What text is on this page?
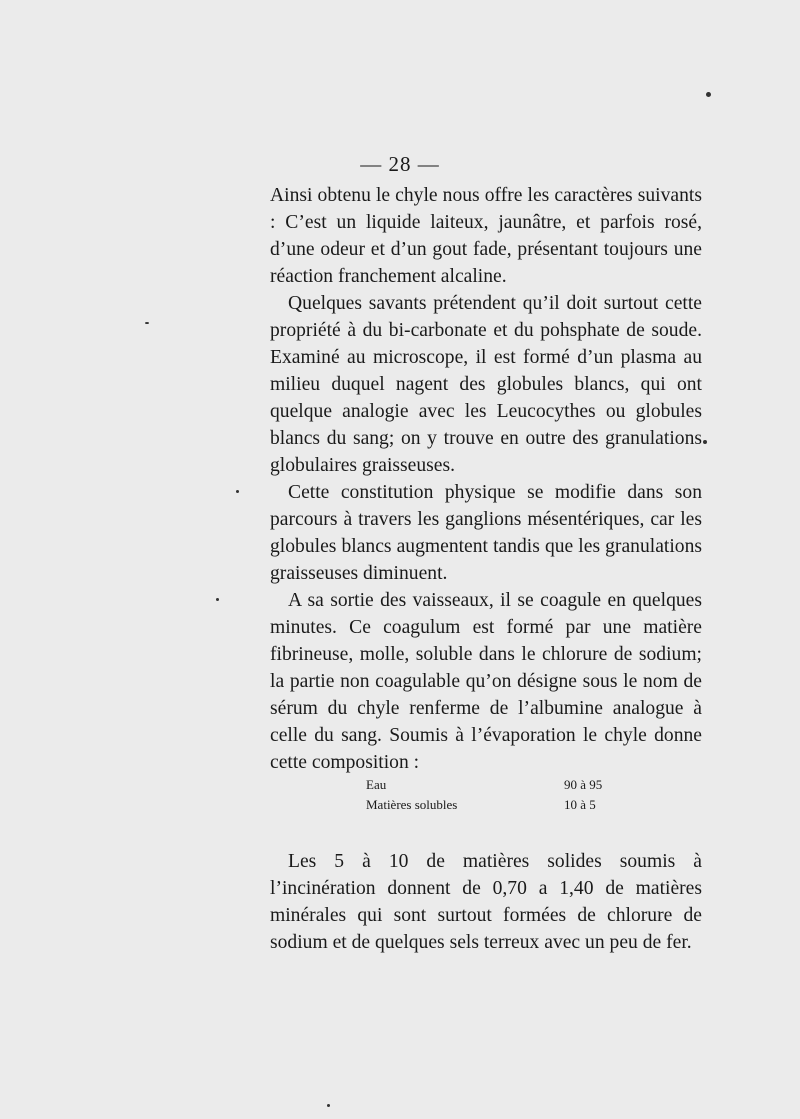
— 28 —

Ainsi obtenu le chyle nous offre les caractères suivants : C’est un liquide laiteux, jaunâtre, et parfois rosé, d’une odeur et d’un gout fade, présentant toujours une réaction franchement alcaline.

Quelques savants prétendent qu’il doit surtout cette propriété à du bi-carbonate et du pohsphate de soude. Examiné au microscope, il est formé d’un plasma au milieu duquel nagent des globules blancs, qui ont quelque analogie avec les Leucocythes ou globules blancs du sang; on y trouve en outre des granulations globulaires graisseuses.

Cette constitution physique se modifie dans son parcours à travers les ganglions mésentériques, car les globules blancs augmentent tandis que les granulations graisseuses diminuent.

A sa sortie des vaisseaux, il se coagule en quelques minutes. Ce coagulum est formé par une matière fibrineuse, molle, soluble dans le chlorure de sodium; la partie non coagulable qu’on désigne sous le nom de sérum du chyle renferme de l’albumine analogue à celle du sang. Soumis à l’évaporation le chyle donne cette composition :

Eau	90 à 95
Matières solubles	10 à 5

Les 5 à 10 de matières solides soumis à l’incinération donnent de 0,70 a 1,40 de matières minérales qui sont surtout formées de chlorure de sodium et de quelques sels terreux avec un peu de fer.
